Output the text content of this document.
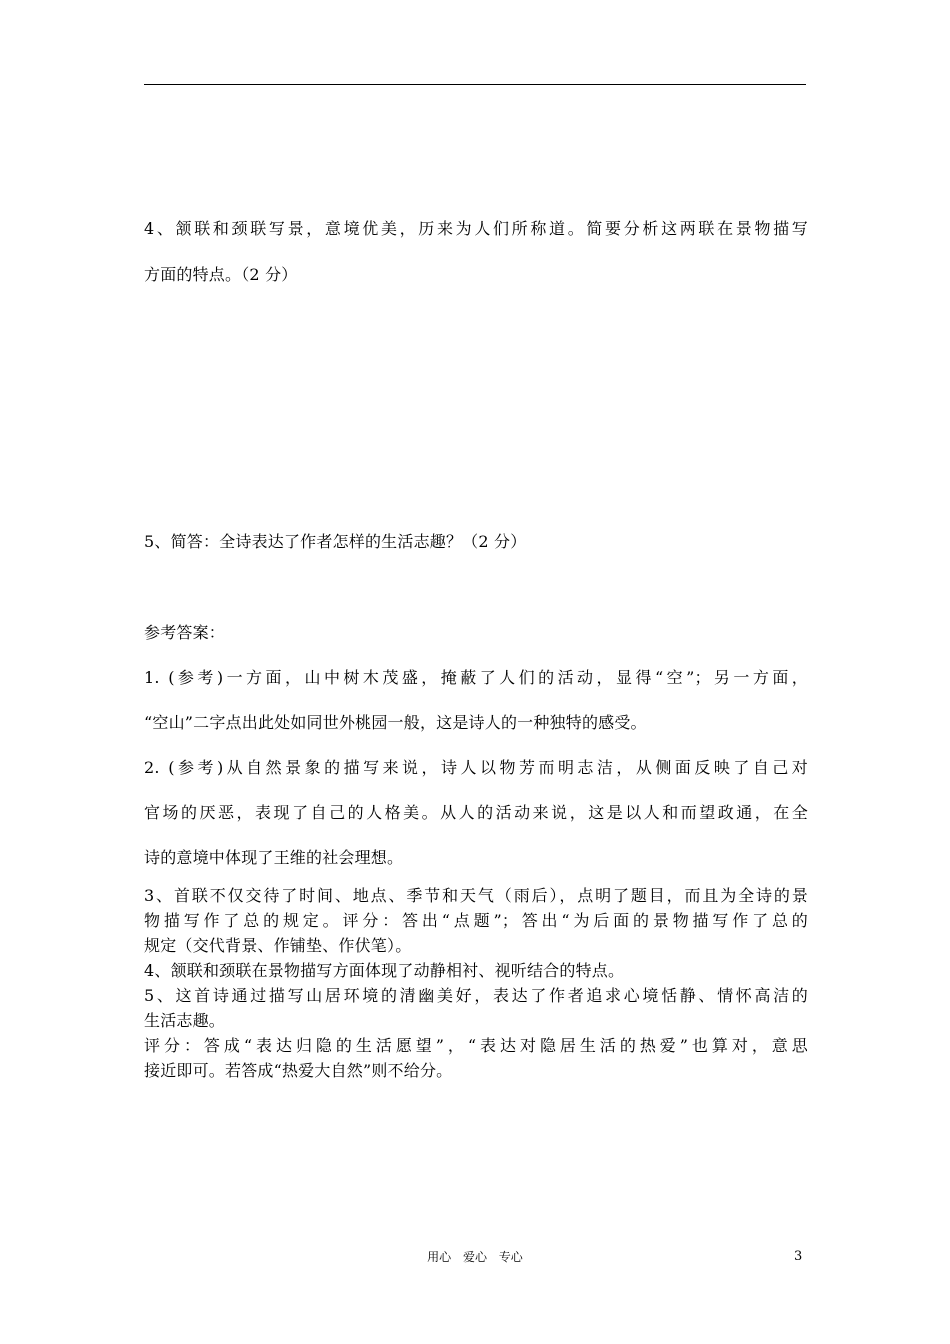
4、颔联和颈联写景，意境优美，历来为人们所称道。简要分析这两联在景物描写
方面的特点。（2 分）
5、简答：全诗表达了作者怎样的生活志趣？（2 分）
参考答案：
1. (参考)一方面，山中树木茂盛，掩蔽了人们的活动，显得“空”；另一方面，
“空山”二字点出此处如同世外桃园一般，这是诗人的一种独特的感受。
2. (参考)从自然景象的描写来说，诗人以物芳而明志洁，从侧面反映了自己对
官场的厌恶，表现了自己的人格美。从人的活动来说，这是以人和而望政通，在全
诗的意境中体现了王维的社会理想。
3、首联不仅交待了时间、地点、季节和天气（雨后），点明了题目，而且为全诗的景
物描写作了总的规定。评分：答出“点题”；答出“为后面的景物描写作了总的
规定（交代背景、作铺垫、作伏笔）。
4、颔联和颈联在景物描写方面体现了动静相衬、视听结合的特点。
5、这首诗通过描写山居环境的清幽美好，表达了作者追求心境恬静、情怀高洁的
生活志趣。
评分：答成“表达归隐的生活愿望”，“表达对隐居生活的热爱”也算对，意思
接近即可。若答成“热爱大自然”则不给分。
用心 爱心 专心	3
